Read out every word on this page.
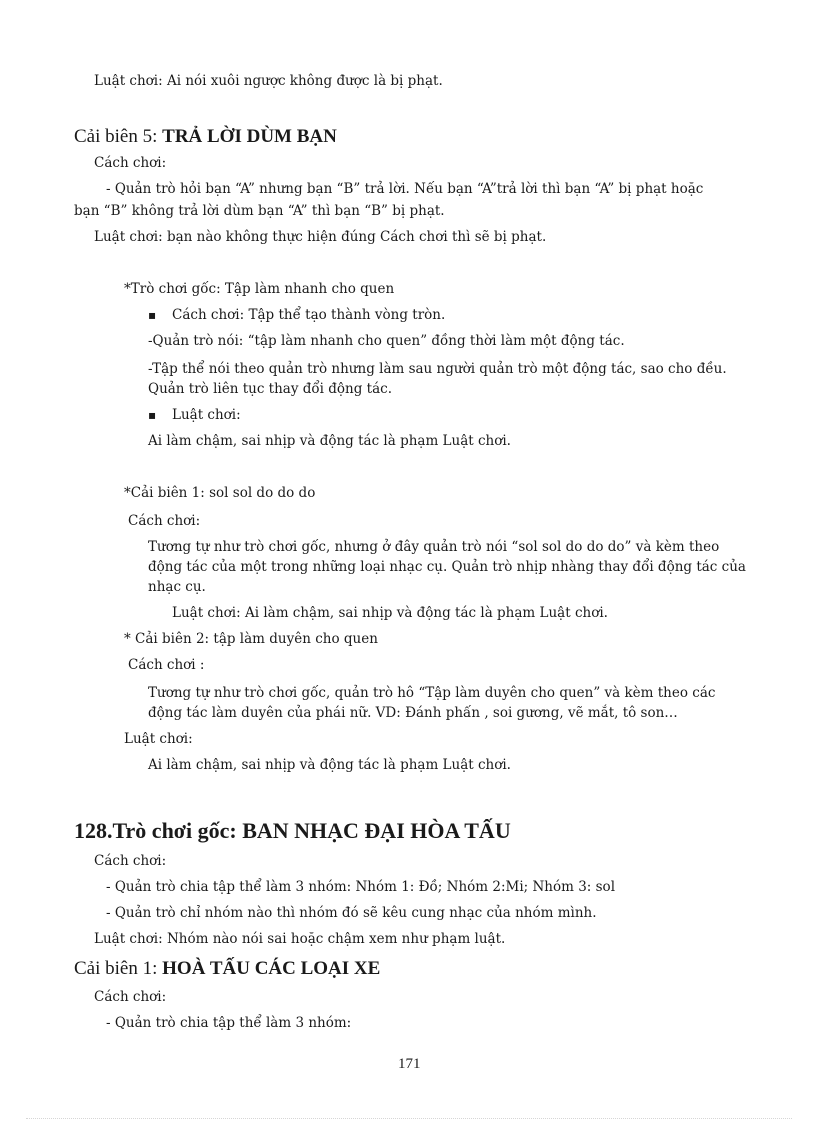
Luật chơi: Ai nói xuôi ngược không được là bị phạt.
Cải biên 5: TRẢ LỜI DÙM BẠN
Cách chơi:
- Quản trò hỏi bạn “A” nhưng bạn “B” trả lời. Nếu bạn “A”trả lời thì bạn “A” bị phạt hoặc
bạn “B” không trả lời dùm bạn “A” thì bạn “B” bị phạt.
Luật chơi: bạn nào không thực hiện đúng Cách chơi thì sẽ bị phạt.
*Trò chơi gốc: Tập làm nhanh cho quen
▪ Cách chơi: Tập thể tạo thành vòng tròn.
-Quản trò nói: “tập làm nhanh cho quen” đồng thời làm một động tác.
-Tập thể nói theo quản trò nhưng làm sau người quản trò một động tác, sao cho đều.
Quản trò liên tục thay đổi động tác.
▪ Luật chơi:
Ai làm chậm, sai nhịp và động tác là phạm Luật chơi.
*Cải biên 1: sol sol do do do
Cách chơi:
Tương tự như trò chơi gốc, nhưng ở đây quản trò nói “sol sol do do do” và kèm theo
động tác của một trong những loại nhạc cụ. Quản trò nhịp nhàng thay đổi động tác của
nhạc cụ.
Luật chơi: Ai làm chậm, sai nhịp và động tác là phạm Luật chơi.
* Cải biên 2: tập làm duyên cho quen
Cách chơi :
Tương tự như trò chơi gốc, quản trò hô “Tập làm duyên cho quen” và kèm theo các
động tác làm duyên của phái nữ. VD: Đánh phấn , soi gương, vẽ mắt, tô son…
Luật chơi:
Ai làm chậm, sai nhịp và động tác là phạm Luật chơi.
128.Trò chơi gốc: BAN NHẠC ĐẠI HÒA TẤU
Cách chơi:
- Quản trò chia tập thể làm 3 nhóm: Nhóm 1: Đồ; Nhóm 2:Mi; Nhóm 3: sol
- Quản trò chỉ nhóm nào thì nhóm đó sẽ kêu cung nhạc của nhóm mình.
Luật chơi: Nhóm nào nói sai hoặc chậm xem như phạm luật.
Cải biên 1: HOÀ TẤU CÁC LOẠI XE
Cách chơi:
- Quản trò chia tập thể làm 3 nhóm:
171
